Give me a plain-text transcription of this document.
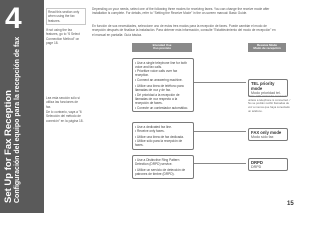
4
Set Up for Fax Reception Configuración del equipo para la recepción de fax
Read this section only when using the fax features.
If not using the fax features, go to "6 Select Connection Method" on page 18.
Lea esta sección sólo si utiliza las funciones de fax.
De lo contrario, vaya a "6 Selección del método de conexión" en la página 18.
Depending on your needs, select one of the following three modes for receiving faxes. You can change the receive mode after installation is complete. For details, refer to "Setting the Receive Mode" in the on-screen manual: Basic Guide.
En función de sus necesidades, seleccione uno de estos tres modos para la recepción de faxes. Puede cambiar el modo de recepción después de finalizar la instalación. Para obtener más información, consulte "Establecimiento del modo de recepción" en el manual en pantalla: Guía básica.
Intended Use
Uso previsto
Receive Mode
Modo de recepción
• Use a single telephone line for both voice and fax calls.
• Prioritize voice calls over fax reception.
• Connect an answering machine.
• Utilice una línea de teléfono para llamadas de voz y de fax.
• Dé prioridad a la recepción de llamadas de voz respecto a la recepción de faxes.
• Conecte un contestador automático.
• Use a dedicated fax line.
• Receive only faxes.
• Utilice una línea de fax dedicada.
• Utilice sólo para la recepción de faxes.
• Use a Distinctive Ring Pattern Detection (DRPD) service.
• Utilice un servicio de detección de patrones de timbre (DRPD).
TEL priority mode
Modo prioridad tel.
Voice calls cannot be received unless a telephone is connected. / No se podrán recibir llamadas de voz a menos que haya conectado un teléfono.
FAX only mode
Modo sólo fax
DRPD
DRPD
15
